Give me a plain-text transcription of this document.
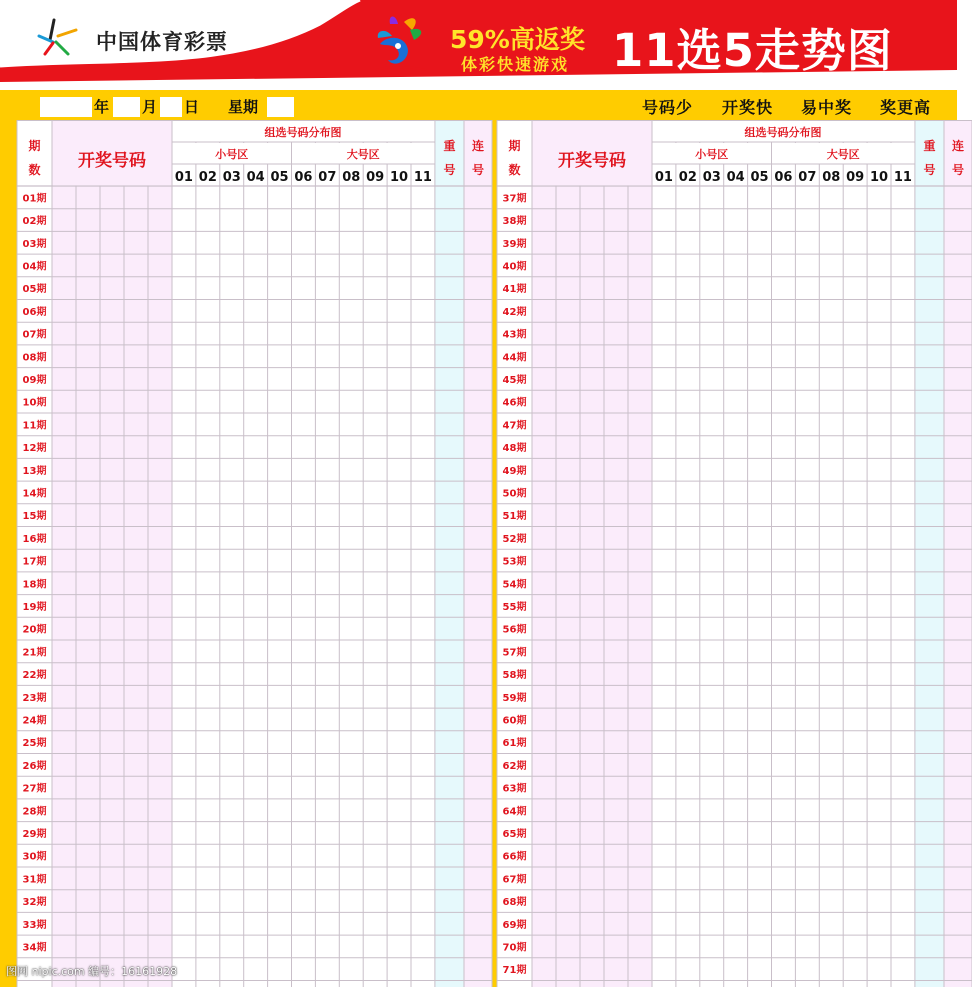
中国体育彩票	59%高返奖
体彩快速游戏 11选5走势图
年 月 日 星期	号码少 开奖快 易中奖 奖更高
期
数 开奖号码
组选号码分布图
小号区	大号区
01 02 03 04 05 06 07 08 09 10 11
重
号
连
号
01期
02期
03期
04期
05期
06期
07期
08期
09期
10期
11期
12期
13期
14期
15期
16期
17期
18期
19期
20期
21期
22期
23期
24期
25期
26期
27期
28期
29期
30期
31期
32期
33期
34期
期
数 开奖号码
组选号码分布图
小号区	大号区
01 02 03 04 05 06 07 08 09 10 11
重
号
连
号
37期
38期
39期
40期
41期
42期
43期
44期
45期
46期
47期
48期
49期
50期
51期
52期
53期
54期
55期
56期
57期
58期
59期
60期
61期
62期
63期
64期
65期
66期
67期
68期
69期
70期
71期
图网 nipic.com 编号：16161928
